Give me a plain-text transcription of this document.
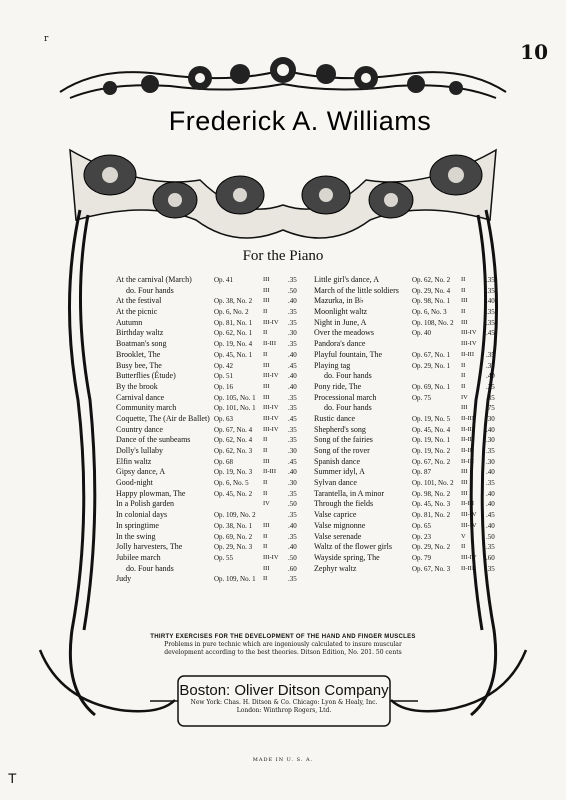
r
10
Frederick A. Williams
For the Piano
At the carnival (March)	Op. 41	III	.35
do. Four hands	III	.50
At the festival	Op. 38, No. 2 III	.40
At the picnic	Op. 6, No. 2 II	.35
Autumn	Op. 81, No. 1 III-IV .35
Birthday waltz	Op. 62, No. 1 II	.30
Boatman's song	Op. 19, No. 4 II-III .35
Brooklet, The	Op. 45, No. 1 II	.40
Busy bee, The	Op. 42	III	.45
Butterflies (Étude)	Op. 51	III-IV .40
By the brook	Op. 16	III	.40
Carnival dance	Op. 105, No. 1 III	.35
Community march	Op. 101, No. 1 III-IV .35
Coquette, The (Air de Ballet) Op. 63	III-IV .45
Country dance	Op. 67, No. 4 III-IV .35
Dance of the sunbeams	Op. 62, No. 4 II	.35
Dolly's lullaby	Op. 62, No. 3 II	.30
Elfin waltz	Op. 68	III	.45
Gipsy dance, A	Op. 19, No. 3 II-III .40
Good-night	Op. 6, No. 5 II	.30
Happy plowman, The	Op. 45, No. 2 II	.35
In a Polish garden	IV	.50
In colonial days	Op. 109, No. 2	.35
In springtime	Op. 38, No. 1 III	.40
In the swing	Op. 69, No. 2 II	.35
Jolly harvesters, The	Op. 29, No. 3 II	.40
Jubilee march	Op. 55	III-IV .50
do. Four hands	III	.60
Judy	Op. 109, No. 1 II	.35
Little girl's dance, A	Op. 62, No. 2 II	.35
March of the little soldiers Op. 29, No. 4 II	.35
Mazurka, in B♭	Op. 98, No. 1 III	.40
Moonlight waltz	Op. 6, No. 3 II	.35
Night in June, A	Op. 108, No. 2 III	.35
Over the meadows	Op. 40	III-IV .45
Pandora's dance	III-IV
Playful fountain, The	Op. 67, No. 1 II-III .35
Playing tag	Op. 29, No. 1 II	.35
do. Four hands	II	.40
Pony ride, The	Op. 69, No. 1 II	.35
Processional march	Op. 75	IV	.35
do. Four hands	III	.75
Rustic dance	Op. 19, No. 5 II-III .30
Shepherd's song	Op. 45, No. 4 II-III .40
Song of the fairies	Op. 19, No. 1 II-III .30
Song of the rover	Op. 19, No. 2 II-III .35
Spanish dance	Op. 67, No. 2 II-III .30
Summer idyl, A	Op. 87	III	.40
Sylvan dance	Op. 101, No. 2 III	.35
Tarantella, in A minor	Op. 98, No. 2 III	.40
Through the fields	Op. 45, No. 3 II-III .40
Valse caprice	Op. 81, No. 2 III-IV .45
Valse mignonne	Op. 65	III-IV .40
Valse serenade	Op. 23	V	.50
Waltz of the flower girls	Op. 29, No. 2 II	.35
Wayside spring, The	Op. 79	III-IV .60
Zephyr waltz	Op. 67, No. 3 II-III .35
THIRTY EXERCISES FOR THE DEVELOPMENT OF THE HAND AND FINGER MUSCLES
Problems in pure technic which are ingeniously calculated to insure muscular
development according to the best theories. Ditson Edition, No. 201. 50 cents
Boston: Oliver Ditson Company
New York: Chas. H. Ditson & Co. Chicago: Lyon & Healy, Inc.
London: Winthrop Rogers, Ltd.
MADE IN U. S. A.
T
